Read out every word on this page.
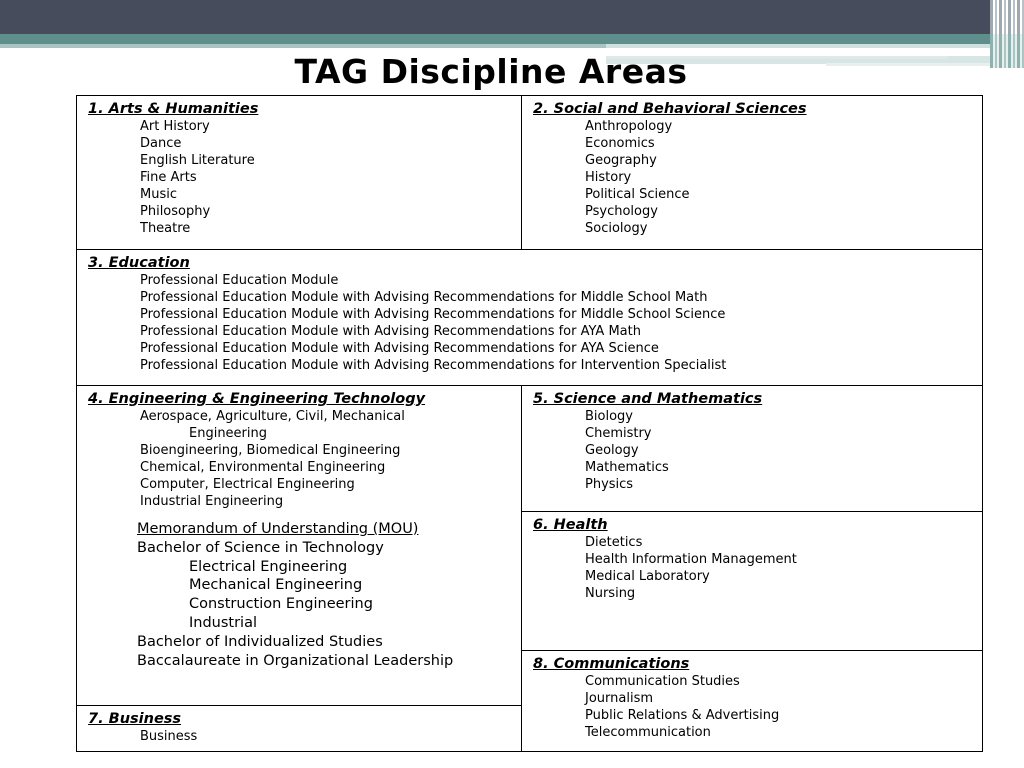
TAG Discipline Areas
1. Arts & Humanities
Art History
Dance
English Literature
Fine Arts
Music
Philosophy
Theatre
2. Social and Behavioral Sciences
Anthropology
Economics
Geography
History
Political Science
Psychology
Sociology
3. Education
Professional Education Module
Professional Education Module with Advising Recommendations for Middle School Math
Professional Education Module with Advising Recommendations for Middle School Science
Professional Education Module with Advising Recommendations for AYA Math
Professional Education Module with Advising Recommendations for AYA Science
Professional Education Module with Advising Recommendations for Intervention Specialist
4. Engineering & Engineering Technology
Aerospace, Agriculture, Civil, Mechanical
Engineering
Bioengineering, Biomedical Engineering
Chemical, Environmental Engineering
Computer, Electrical Engineering
Industrial Engineering
Memorandum of Understanding (MOU)
Bachelor of Science in Technology
Electrical Engineering
Mechanical Engineering
Construction Engineering
Industrial
Bachelor of Individualized Studies
Baccalaureate in Organizational Leadership
5. Science and Mathematics
Biology
Chemistry
Geology
Mathematics
Physics
6. Health
Dietetics
Health Information Management
Medical Laboratory
Nursing
7. Business
Business
8. Communications
Communication Studies
Journalism
Public Relations & Advertising
Telecommunication
